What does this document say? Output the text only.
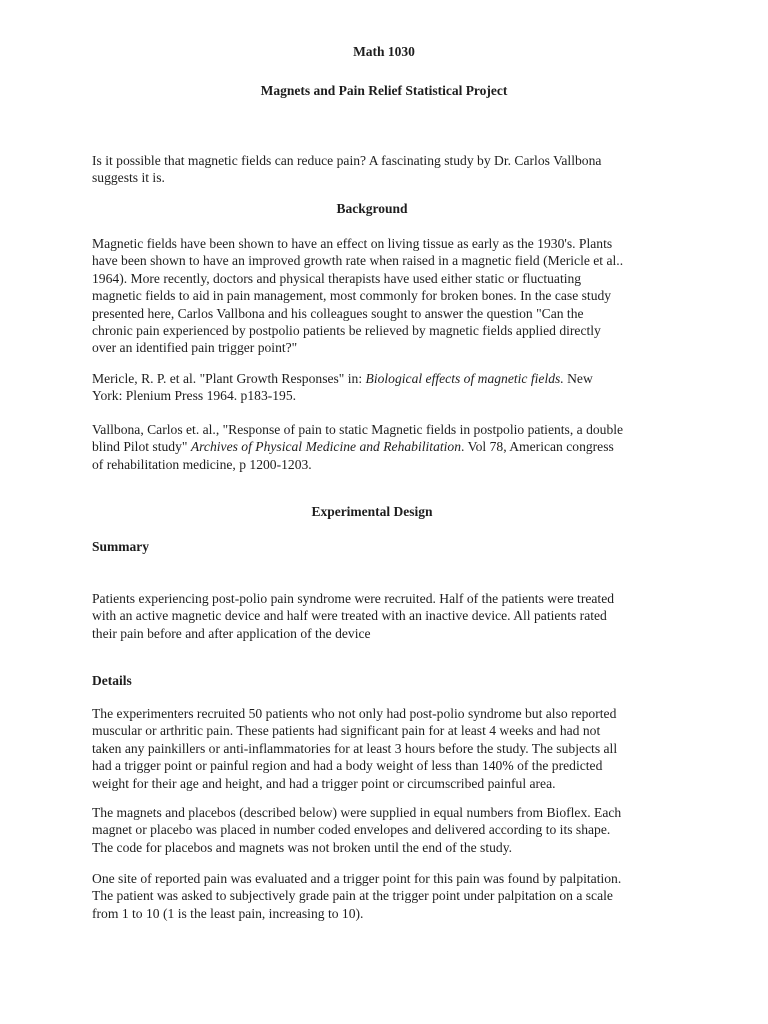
Math 1030
Magnets and Pain Relief Statistical Project

Is it possible that magnetic fields can reduce pain? A fascinating study by Dr. Carlos Vallbona
suggests it is.

Background

Magnetic fields have been shown to have an effect on living tissue as early as the 1930's. Plants
have been shown to have an improved growth rate when raised in a magnetic field (Mericle et al..
1964). More recently, doctors and physical therapists have used either static or fluctuating
magnetic fields to aid in pain management, most commonly for broken bones. In the case study
presented here, Carlos Vallbona and his colleagues sought to answer the question "Can the
chronic pain experienced by postpolio patients be relieved by magnetic fields applied directly
over an identified pain trigger point?"

Mericle, R. P. et al. "Plant Growth Responses" in: Biological effects of magnetic fields. New
York: Plenium Press 1964. p183-195.

Vallbona, Carlos et. al., "Response of pain to static Magnetic fields in postpolio patients, a double
blind Pilot study" Archives of Physical Medicine and Rehabilitation. Vol 78, American congress
of rehabilitation medicine, p 1200-1203.

Experimental Design
Summary

Patients experiencing post-polio pain syndrome were recruited. Half of the patients were treated
with an active magnetic device and half were treated with an inactive device. All patients rated
their pain before and after application of the device

Details

The experimenters recruited 50 patients who not only had post-polio syndrome but also reported
muscular or arthritic pain. These patients had significant pain for at least 4 weeks and had not
taken any painkillers or anti-inflammatories for at least 3 hours before the study. The subjects all
had a trigger point or painful region and had a body weight of less than 140% of the predicted
weight for their age and height, and had a trigger point or circumscribed painful area.

The magnets and placebos (described below) were supplied in equal numbers from Bioflex. Each
magnet or placebo was placed in number coded envelopes and delivered according to its shape.
The code for placebos and magnets was not broken until the end of the study.

One site of reported pain was evaluated and a trigger point for this pain was found by palpitation.
The patient was asked to subjectively grade pain at the trigger point under palpitation on a scale
from 1 to 10 (1 is the least pain, increasing to 10).
